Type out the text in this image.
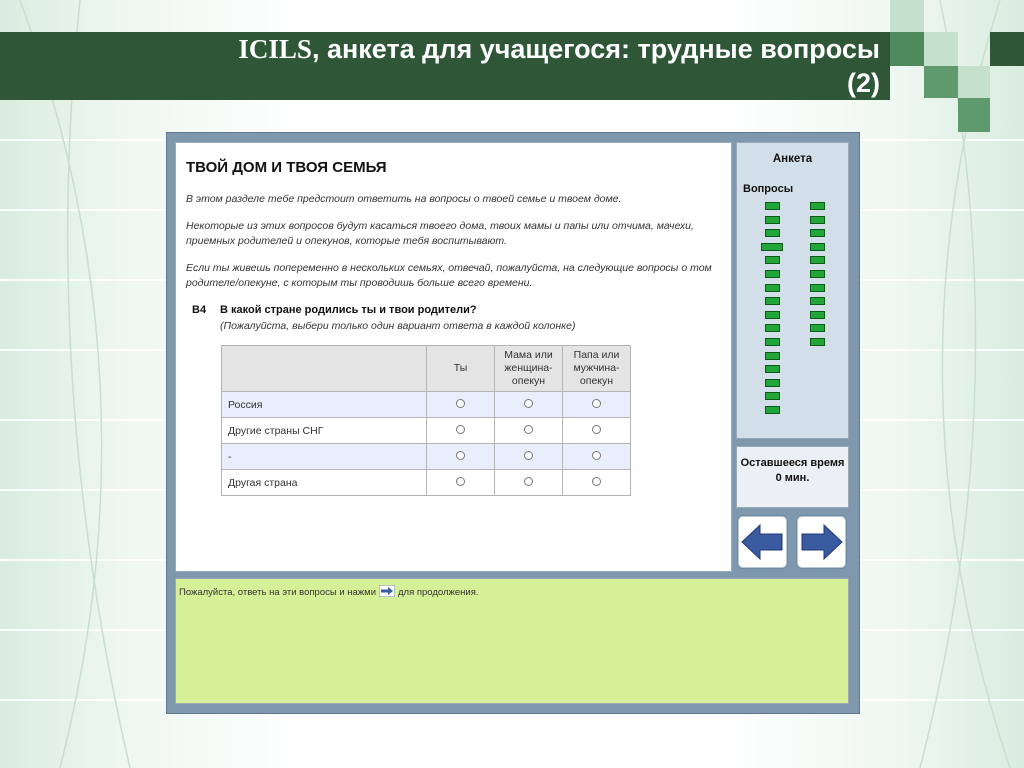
ICILS, анкета для учащегося: трудные вопросы
(2)
ТВОЙ ДОМ И ТВОЯ СЕМЬЯ
В этом разделе тебе предстоит ответить на вопросы о твоей семье и твоем доме.
Некоторые из этих вопросов будут касаться твоего дома, твоих мамы и папы или отчима, мачехи, приемных родителей и опекунов, которые тебя воспитывают.
Если ты живешь попеременно в нескольких семьях, отвечай, пожалуйста, на следующие вопросы о том родителе/опекуне, с которым ты проводишь больше всего времени.
В4 В какой стране родились ты и твои родители?
(Пожалуйста, выбери только один вариант ответа в каждой колонке)
	Ты	Мама или женщина-опекун	Папа или мужчина-опекун
Россия			
Другие страны СНГ			
-			
Другая страна			
Анкета
Вопросы
Оставшееся время
0 мин.
Пожалуйста, ответь на эти вопросы и нажми для продолжения.
